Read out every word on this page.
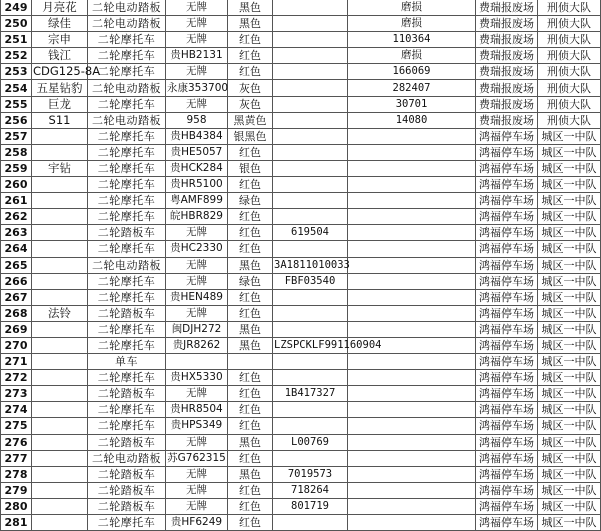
249	月亮花	二轮电动踏板	无牌	黑色		磨损	费瑞报废场	刑侦大队
250	绿佳	二轮电动踏板	无牌	黑色		磨损	费瑞报废场	刑侦大队
251	宗申	二轮摩托车	无牌	红色		110364	费瑞报废场	刑侦大队
252	钱江	二轮摩托车	贵HB2131	红色		磨损	费瑞报废场	刑侦大队
253	CDG125-8A	二轮摩托车	无牌	红色		166069	费瑞报废场	刑侦大队
254	五星钻豹	二轮电动踏板	永康353700	灰色		282407	费瑞报废场	刑侦大队
255	巨龙	二轮摩托车	无牌	灰色		30701	费瑞报废场	刑侦大队
256	S11	二轮电动踏板	958	黑黄色		14080	费瑞报废场	刑侦大队
257		二轮摩托车	贵HB4384	银黑色			鸿福停车场	城区一中队
258		二轮摩托车	贵HE5057	红色			鸿福停车场	城区一中队
259	宇钻	二轮摩托车	贵HCK284	银色			鸿福停车场	城区一中队
260		二轮摩托车	贵HR5100	红色			鸿福停车场	城区一中队
261		二轮摩托车	粤AMF899	绿色			鸿福停车场	城区一中队
262		二轮摩托车	皖HBR829	红色			鸿福停车场	城区一中队
263		二轮踏板车	无牌	红色	619504		鸿福停车场	城区一中队
264		二轮摩托车	贵HC2330	红色			鸿福停车场	城区一中队
265		二轮电动踏板	无牌	黑色	3A1811010033		鸿福停车场	城区一中队
266		二轮摩托车	无牌	绿色	FBF03540		鸿福停车场	城区一中队
267		二轮摩托车	贵HEN489	红色			鸿福停车场	城区一中队
268	法铃	二轮踏板车	无牌	红色			鸿福停车场	城区一中队
269		二轮摩托车	闽DJH272	黑色			鸿福停车场	城区一中队
270		二轮摩托车	贵JR8262	黑色	LZSPCKLF991160904		鸿福停车场	城区一中队
271		单车					鸿福停车场	城区一中队
272		二轮摩托车	贵HX5330	红色			鸿福停车场	城区一中队
273		二轮踏板车	无牌	红色	1B417327		鸿福停车场	城区一中队
274		二轮摩托车	贵HR8504	红色			鸿福停车场	城区一中队
275		二轮摩托车	贵HPS349	红色			鸿福停车场	城区一中队
276		二轮踏板车	无牌	黑色	L00769		鸿福停车场	城区一中队
277		二轮电动踏板	苏G762315	红色			鸿福停车场	城区一中队
278		二轮踏板车	无牌	黑色	7019573		鸿福停车场	城区一中队
279		二轮踏板车	无牌	红色	718264		鸿福停车场	城区一中队
280		二轮踏板车	无牌	红色	801719		鸿福停车场	城区一中队
281		二轮摩托车	贵HF6249	红色			鸿福停车场	城区一中队
